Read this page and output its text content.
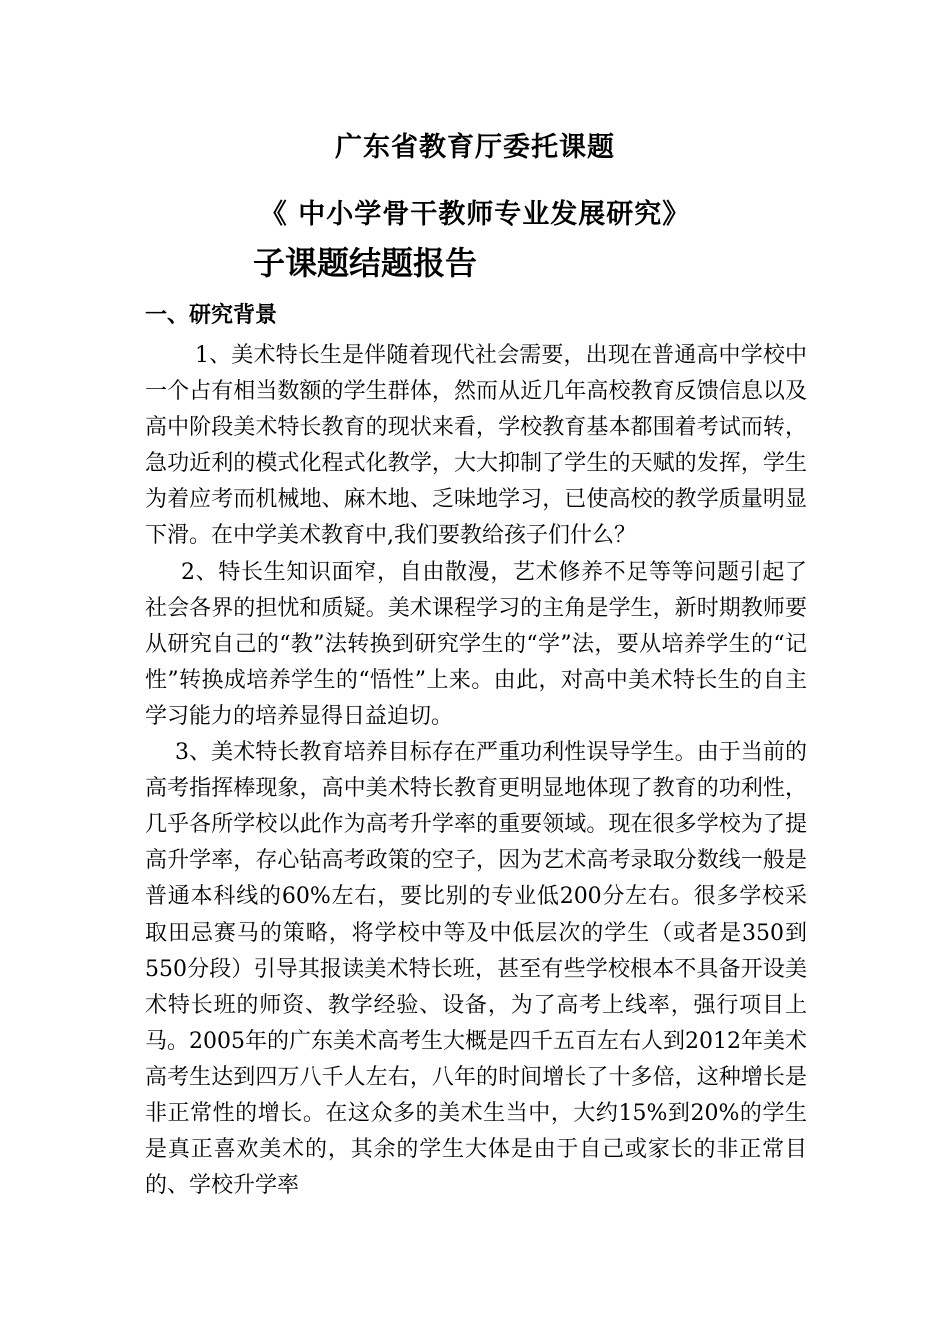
广东省教育厅委托课题
《 中小学骨干教师专业发展研究》
子课题结题报告
一、研究背景

1、美术特长生是伴随着现代社会需要，出现在普通高中学校中一个占有相当数额的学生群体，然而从近几年高校教育反馈信息以及高中阶段美术特长教育的现状来看，学校教育基本都围着考试而转，急功近利的模式化程式化教学，大大抑制了学生的天赋的发挥，学生为着应考而机械地、麻木地、乏味地学习，已使高校的教学质量明显下滑。在中学美术教育中,我们要教给孩子们什么？

2、特长生知识面窄，自由散漫，艺术修养不足等等问题引起了社会各界的担忧和质疑。美术课程学习的主角是学生，新时期教师要从研究自己的“教”法转换到研究学生的“学”法，要从培养学生的“记性”转换成培养学生的“悟性”上来。由此，对高中美术特长生的自主学习能力的培养显得日益迫切。

3、美术特长教育培养目标存在严重功利性误导学生。由于当前的高考指挥棒现象，高中美术特长教育更明显地体现了教育的功利性，几乎各所学校以此作为高考升学率的重要领域。现在很多学校为了提高升学率，存心钻高考政策的空子，因为艺术高考录取分数线一般是普通本科线的60%左右，要比别的专业低200分左右。很多学校采取田忌赛马的策略，将学校中等及中低层次的学生（或者是350到550分段）引导其报读美术特长班，甚至有些学校根本不具备开设美术特长班的师资、教学经验、设备，为了高考上线率，强行项目上马。2005年的广东美术高考生大概是四千五百左右人到2012年美术高考生达到四万八千人左右，八年的时间增长了十多倍，这种增长是非正常性的增长。在这众多的美术生当中，大约15%到20%的学生是真正喜欢美术的，其余的学生大体是由于自己或家长的非正常目的、学校升学率
